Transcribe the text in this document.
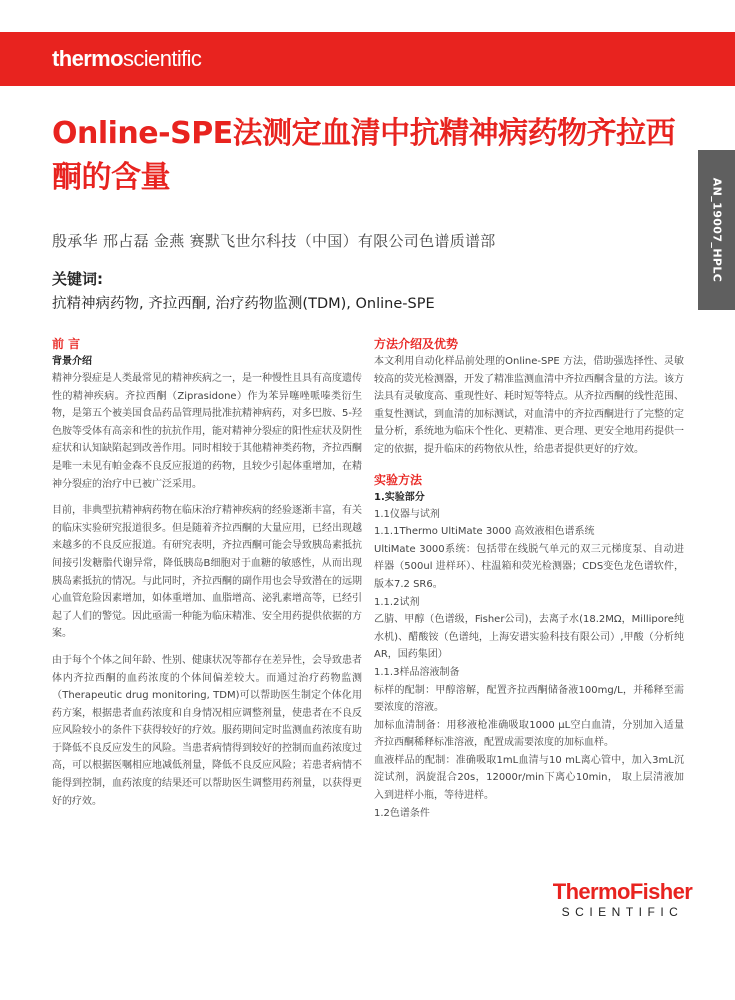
thermoscientific
Online-SPE法测定血清中抗精神病药物齐拉西酮的含量
殷承华 邢占磊 金燕 赛默飞世尔科技（中国）有限公司色谱质谱部
关键词:
抗精神病药物, 齐拉西酮, 治疗药物监测(TDM), Online-SPE
AN_19007_HPLC

前 言

背景介绍

精神分裂症是人类最常见的精神疾病之一，是一种慢性且具有高度遗传性的精神疾病。齐拉西酮（Ziprasidone）作为苯异噻唑哌嗪类衍生物，是第五个被美国食品药品管理局批准抗精神病药，对多巴胺、5-羟色胺等受体有高亲和性的抗抗作用，能对精神分裂症的阳性症状及阴性症状和认知缺陷起到改善作用。同时相较于其他精神类药物，齐拉西酮是唯一未见有帕金森不良反应报道的药物，且较少引起体重增加，在精神分裂症的治疗中已被广泛采用。

目前，非典型抗精神病药物在临床治疗精神疾病的经验逐渐丰富，有关的临床实验研究报道很多。但是随着齐拉西酮的大量应用，已经出现越来越多的不良反应报道。有研究表明，齐拉西酮可能会导致胰岛素抵抗间接引发糖脂代谢异常，降低胰岛B细胞对于血糖的敏感性，从而出现胰岛素抵抗的情况。与此同时，齐拉西酮的副作用也会导致潜在的远期心血管危险因素增加，如体重增加、血脂增高、泌乳素增高等，已经引起了人们的警觉。因此亟需一种能为临床精准、安全用药提供依据的方案。

由于每个个体之间年龄、性别、健康状况等都存在差异性，会导致患者体内齐拉西酮的血药浓度的个体间偏差较大。而通过治疗药物监测（Therapeutic drug monitoring, TDM)可以帮助医生制定个体化用药方案，根据患者血药浓度和自身情况相应调整剂量，使患者在不良反应风险较小的条件下获得较好的疗效。服药期间定时监测血药浓度有助于降低不良反应发生的风险。当患者病情得到较好的控制而血药浓度过高，可以根据医嘱相应地减低剂量，降低不良反应风险；若患者病情不能得到控制，血药浓度的结果还可以帮助医生调整用药剂量，以获得更好的疗效。

方法介绍及优势

本文利用自动化样品前处理的Online-SPE 方法，借助强选择性、灵敏较高的荧光检测器，开发了精准监测血清中齐拉西酮含量的方法。该方法具有灵敏度高、重现性好、耗时短等特点。从齐拉西酮的线性范围、重复性测试，到血清的加标测试，对血清中的齐拉西酮进行了完整的定量分析，系统地为临床个性化、更精准、更合理、更安全地用药提供一定的依据，提升临床的药物依从性，给患者提供更好的疗效。

实验方法

1.实验部分

1.1仪器与试剂

1.1.1Thermo UltiMate 3000 高效液相色谱系统

UltiMate 3000系统：包括带在线脱气单元的双三元梯度泵、自动进样器（500ul 进样环）、柱温箱和荧光检测器；CDS变色龙色谱软件，版本7.2 SR6。

1.1.2试剂

乙腈、甲醇（色谱级，Fisher公司)，去离子水(18.2MΩ，Millipore纯水机)、醋酸铵（色谱纯，上海安谱实验科技有限公司）,甲酸（分析纯AR，国药集团）

1.1.3样品溶液制备

标样的配制：甲醇溶解，配置齐拉西酮储备液100mg/L，并稀释至需要浓度的溶液。

加标血清制备：用移液枪准确吸取1000 μL空白血清，分别加入适量齐拉西酮稀释标准溶液，配置成需要浓度的加标血样。

血液样品的配制：准确吸取1mL血清与10 mL离心管中，加入3mL沉淀试剂，涡旋混合20s，12000r/min下离心10min， 取上层清液加入到进样小瓶，等待进样。

1.2色谱条件

ThermoFisher
SCIENTIFIC
